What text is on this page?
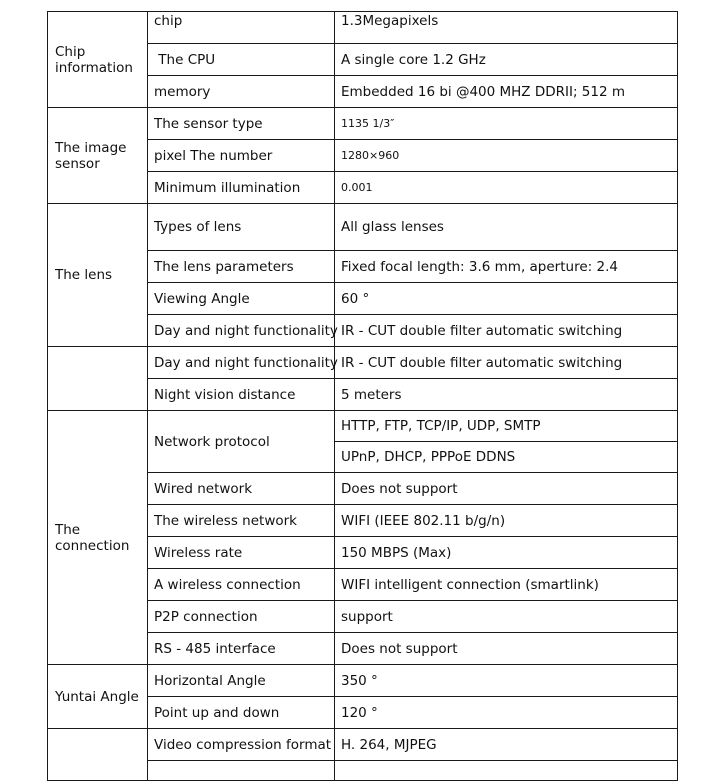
Chip information	chip	1.3Megapixels
	The CPU	A single core 1.2 GHz
	memory	Embedded 16 bi @400 MHZ DDRII; 512 m
The image sensor	The sensor type	1135 1/3″
	pixel The number	1280×960
	Minimum illumination	0.001
The lens	Types of lens	All glass lenses
	The lens parameters	Fixed focal length: 3.6 mm, aperture: 2.4
	Viewing Angle	60 °
	Day and night functionality	IR - CUT double filter automatic switching
	Day and night functionality	IR - CUT double filter automatic switching
	Night vision distance	5 meters
The connection	Network protocol	HTTP, FTP, TCP/IP, UDP, SMTP
		UPnP, DHCP, PPPoE DDNS
	Wired network	Does not support
	The wireless network	WIFI (IEEE 802.11 b/g/n)
	Wireless rate	150 MBPS (Max)
	A wireless connection	WIFI intelligent connection (smartlink)
	P2P connection	support
	RS - 485 interface	Does not support
Yuntai Angle	Horizontal Angle	350 °
	Point up and down	120 °
	Video compression format	H. 264, MJPEG
